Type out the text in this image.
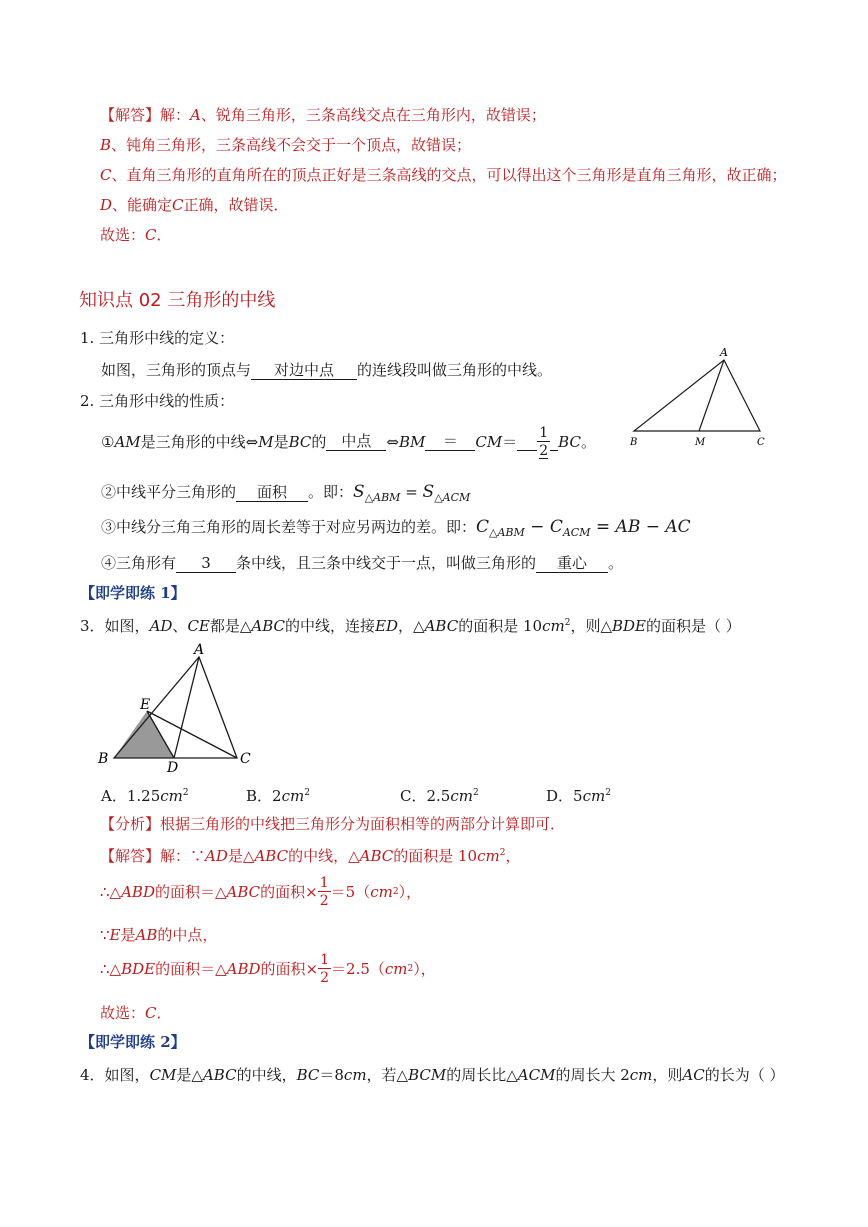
【解答】解：A、锐角三角形，三条高线交点在三角形内，故错误；
B、钝角三角形，三条高线不会交于一个顶点，故错误；
C、直角三角形的直角所在的顶点正好是三条高线的交点，可以得出这个三角形是直角三角形，故正确；
D、能确定C正确，故错误．
故选：C．
知识点 02 三角形的中线
1. 三角形中线的定义：
如图，三角形的顶点与 对边中点 的连线段叫做三角形的中线。
2. 三角形中线的性质：
① AM 是三角形的中线⇔ M 是 BC 的 中点	⇔ BM	＝	CM ＝
$\frac{1}{2}$
BC 。
②中线平分三角形的 面积 。即：$S_{\triangle ABM} = S_{\triangle ACM}$
③中线分三角三角形的周长差等于对应另两边的差。即：$C_{\triangle ABM} - C_{ACM}$ = AB − AC
④三角形有 3 条中线，且三条中线交于一点，叫做三角形的 重心 。
A
B	M	C
【即学即练 1】
3．如图，AD、CE都是△ABC的中线，连接ED，△ABC的面积是 $10cm^2$，则△BDE的面积是（ ）
A
E
B
D
C
A．$1.25cm^2$	B．$2cm^2$	C．$2.5cm^2$	D．$5cm^2$
【分析】根据三角形的中线把三角形分为面积相等的两部分计算即可．
【解答】解：∵AD是△ABC的中线，△ABC的面积是 $10cm^2$，
∴△ ABD 的面积＝△ ABC 的面积× $\frac{1}{2} =5$（ cm 2 ），
∵E是AB的中点，
∴△ BDE 的面积＝△ ABD 的面积× $\frac{1}{2} =2.5$（ cm 2 ），
故选：C．
【即学即练 2】
4．如图，CM是△ABC的中线，BC＝8cm，若△BCM的周长比△ACM的周长大 2cm，则AC的长为（ ）
